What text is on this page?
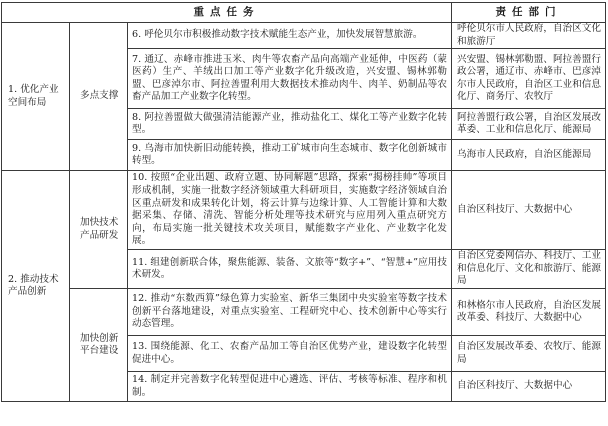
重点任务			责任部门
1. 优化产业空间布局	多点支撑	6. 呼伦贝尔市积极推动数字技术赋能生态产业，加快发展智慧旅游。	呼伦贝尔市人民政府，自治区文化和旅游厅
		7. 通辽、赤峰市推进玉米、肉牛等农畜产品向高端产业延伸，中医药（蒙医药）生产、羊绒出口加工等产业数字化升级改造，兴安盟、锡林郭勒盟、巴彦淖尔市、阿拉善盟利用大数据技术推动肉牛、肉羊、奶制品等农畜产品加工产业数字化转型。	兴安盟、锡林郭勒盟、阿拉善盟行政公署，通辽市、赤峰市、巴彦淖尔市人民政府，自治区工业和信息化厅、商务厅、农牧厅
		8. 阿拉善盟做大做强清洁能源产业，推动盐化工、煤化工等产业数字化转型。	阿拉善盟行政公署，自治区发展改革委、工业和信息化厅、能源局
		9. 乌海市加快新旧动能转换，推动工矿城市向生态城市、数字化创新城市转型。	乌海市人民政府，自治区能源局
2. 推动技术产品创新	加快技术产品研发	10. 按照“企业出题、政府立题、协同解题”思路，探索“揭榜挂帅”等项目形成机制，实施一批数字经济领域重大科研项目，实施数字经济领域自治区重点研发和成果转化计划，将云计算与边缘计算、人工智能计算和大数据采集、存储、清洗、智能分析处理等技术研究与应用列入重点研究方向，布局实施一批关键技术攻关项目，赋能数字产业化、产业数字化发展。	自治区科技厅、大数据中心
		11. 组建创新联合体，聚焦能源、装备、文旅等“数字+”、“智慧+”应用技术研发。	自治区党委网信办、科技厅、工业和信息化厅、文化和旅游厅、能源局
	加快创新平台建设	12. 推动“东数西算”绿色算力实验室、新华三集团中央实验室等数字技术创新平台落地建设，对重点实验室、工程研究中心、技术创新中心等实行动态管理。	和林格尔市人民政府，自治区发展改革委、科技厅、大数据中心
		13. 围绕能源、化工、农畜产品加工等自治区优势产业，建设数字化转型促进中心。	自治区发展改革委、农牧厅、能源局
		14. 制定并完善数字化转型促进中心遴选、评估、考核等标准、程序和机制。	自治区科技厅、大数据中心
